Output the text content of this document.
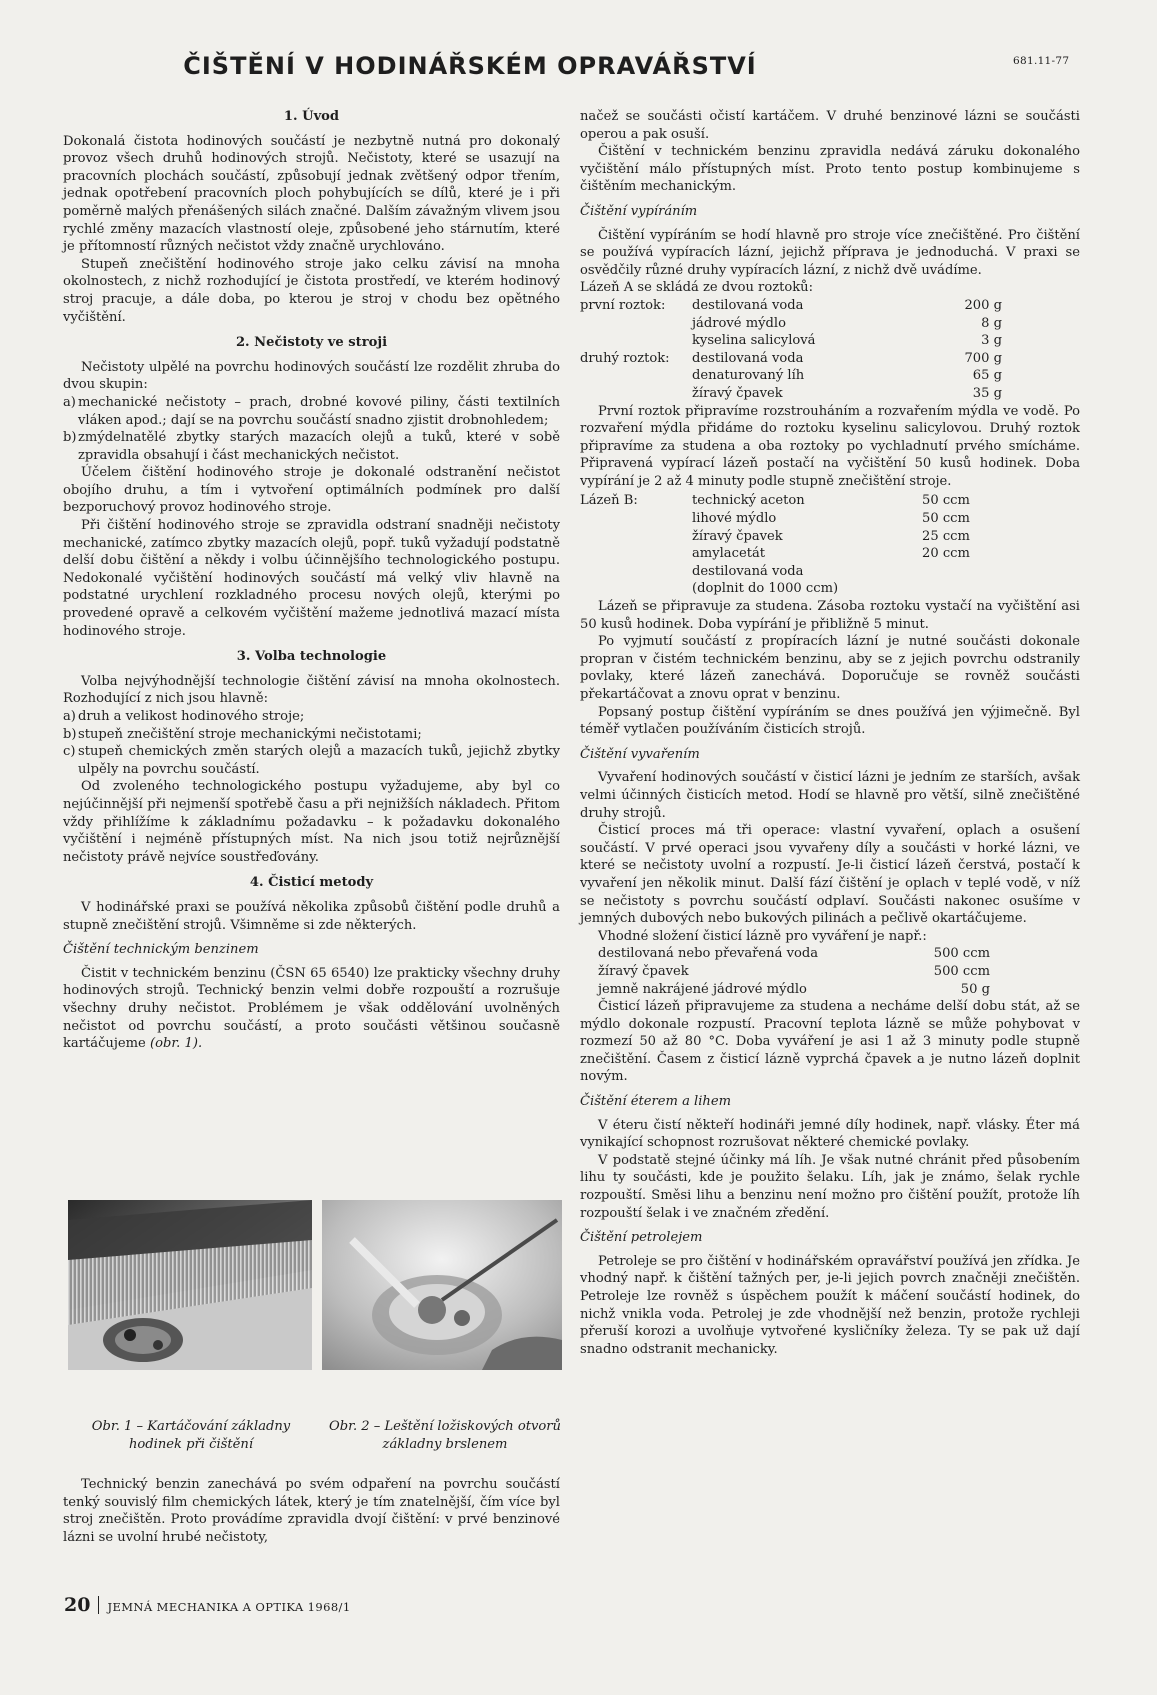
ČIŠTĚNÍ V HODINÁŘSKÉM OPRAVÁŘSTVÍ	681.11-77
1. Úvod

Dokonalá čistota hodinových součástí je nezbytně nutná pro dokonalý provoz všech druhů hodinových strojů. Nečistoty, které se usazují na pracovních plochách součástí, způsobují jednak zvětšený odpor třením, jednak opotřebení pracovních ploch pohybujících se dílů, které je i při poměrně malých přenášených silách značné. Dalším závažným vlivem jsou rychlé změny mazacích vlastností oleje, způsobené jeho stárnutím, které je přítomností různých nečistot vždy značně urychlováno.

Stupeň znečištění hodinového stroje jako celku závisí na mnoha okolnostech, z nichž rozhodující je čistota prostředí, ve kterém hodinový stroj pracuje, a dále doba, po kterou je stroj v chodu bez opětného vyčištění.

2. Nečistoty ve stroji

Nečistoty ulpělé na povrchu hodinových součástí lze rozdělit zhruba do dvou skupin:

a) mechanické nečistoty – prach, drobné kovové piliny, části textilních vláken apod.; dají se na povrchu součástí snadno zjistit drobnohledem;
b) zmýdelnatělé zbytky starých mazacích olejů a tuků, které v sobě zpravidla obsahují i část mechanických nečistot.

Účelem čištění hodinového stroje je dokonalé odstranění nečistot obojího druhu, a tím i vytvoření optimálních podmínek pro další bezporuchový provoz hodinového stroje.

Při čištění hodinového stroje se zpravidla odstraní snadněji nečistoty mechanické, zatímco zbytky mazacích olejů, popř. tuků vyžadují podstatně delší dobu čištění a někdy i volbu účinnějšího technologického postupu. Nedokonalé vyčištění hodinových součástí má velký vliv hlavně na podstatné urychlení rozkladného procesu nových olejů, kterými po provedené opravě a celkovém vyčištění mažeme jednotlivá mazací místa hodinového stroje.

3. Volba technologie

Volba nejvýhodnější technologie čištění závisí na mnoha okolnostech. Rozhodující z nich jsou hlavně:

a) druh a velikost hodinového stroje;
b) stupeň znečištění stroje mechanickými nečistotami;
c) stupeň chemických změn starých olejů a mazacích tuků, jejichž zbytky ulpěly na povrchu součástí.

Od zvoleného technologického postupu vyžadujeme, aby byl co nejúčinnější při nejmenší spotřebě času a při nejnižších nákladech. Přitom vždy přihlížíme k základnímu požadavku – k požadavku dokonalého vyčištění i nejméně přístupných míst. Na nich jsou totiž nejrůznější nečistoty právě nejvíce soustřeďovány.

4. Čisticí metody

V hodinářské praxi se používá několika způsobů čištění podle druhů a stupně znečištění strojů. Všimněme si zde některých.

Čištění technickým benzinem

Čistit v technickém benzinu (ČSN 65 6540) lze prakticky všechny druhy hodinových strojů. Technický benzin velmi dobře rozpouští a rozrušuje všechny druhy nečistot. Problémem je však oddělování uvolněných nečistot od povrchu součástí, a proto součásti většinou současně kartáčujeme (obr. 1).

Obr. 1 – Kartáčování základny hodinek při čištění
Obr. 2 – Leštění ložiskových otvorů základny brslenem

Technický benzin zanechává po svém odpaření na povrchu součástí tenký souvislý film chemických látek, který je tím znatelnější, čím více byl stroj znečištěn. Proto provádíme zpravidla dvojí čištění: v prvé benzinové lázni se uvolní hrubé nečistoty,

načež se součásti očistí kartáčem. V druhé benzinové lázni se součásti operou a pak osuší.

Čištění v technickém benzinu zpravidla nedává záruku dokonalého vyčištění málo přístupných míst. Proto tento postup kombinujeme s čištěním mechanickým.

Čištění vypíráním

Čištění vypíráním se hodí hlavně pro stroje více znečištěné. Pro čištění se používá vypíracích lázní, jejichž příprava je jednoduchá. V praxi se osvědčily různé druhy vypíracích lázní, z nichž dvě uvádíme.

Lázeň A se skládá ze dvou roztoků:

první roztok:	destilovaná voda	200 g
	jádrové mýdlo	8 g
	kyselina salicylová	3 g
druhý roztok:	destilovaná voda	700 g
	denaturovaný líh	65 g
	žíravý čpavek	35 g

První roztok připravíme rozstrouháním a rozvařením mýdla ve vodě. Po rozvaření mýdla přidáme do roztoku kyselinu salicylovou. Druhý roztok připravíme za studena a oba roztoky po vychladnutí prvého smícháme. Připravená vypírací lázeň postačí na vyčištění 50 kusů hodinek. Doba vypírání je 2 až 4 minuty podle stupně znečištění stroje.

Lázeň B:	technický aceton	50 ccm
	lihové mýdlo	50 ccm
	žíravý čpavek	25 ccm
	amylacetát	20 ccm
	destilovaná voda	
	(doplnit do 1000 ccm)	

Lázeň se připravuje za studena. Zásoba roztoku vystačí na vyčištění asi 50 kusů hodinek. Doba vypírání je přibližně 5 minut.

Po vyjmutí součástí z propíracích lázní je nutné součásti dokonale propran v čistém technickém benzinu, aby se z jejich povrchu odstranily povlaky, které lázeň zanechává. Doporučuje se rovněž součásti překartáčovat a znovu oprat v benzinu.

Popsaný postup čištění vypíráním se dnes používá jen výjimečně. Byl téměř vytlačen používáním čisticích strojů.

Čištění vyvařením

Vyvaření hodinových součástí v čisticí lázni je jedním ze starších, avšak velmi účinných čisticích metod. Hodí se hlavně pro větší, silně znečištěné druhy strojů.

Čisticí proces má tři operace: vlastní vyvaření, oplach a osušení součástí. V prvé operaci jsou vyvařeny díly a součásti v horké lázni, ve které se nečistoty uvolní a rozpustí. Je-li čisticí lázeň čerstvá, postačí k vyvaření jen několik minut. Další fází čištění je oplach v teplé vodě, v níž se nečistoty s povrchu součástí odplaví. Součásti nakonec osušíme v jemných dubových nebo bukových pilinách a pečlivě okartáčujeme.

Vhodné složení čisticí lázně pro vyváření je např.:

destilovaná nebo převařená voda	500 ccm
žíravý čpavek	500 ccm
jemně nakrájené jádrové mýdlo	50 g

Čisticí lázeň připravujeme za studena a necháme delší dobu stát, až se mýdlo dokonale rozpustí. Pracovní teplota lázně se může pohybovat v rozmezí 50 až 80 °C. Doba vyváření je asi 1 až 3 minuty podle stupně znečištění. Časem z čisticí lázně vyprchá čpavek a je nutno lázeň doplnit novým.

Čištění éterem a lihem

V éteru čistí někteří hodináři jemné díly hodinek, např. vlásky. Éter má vynikající schopnost rozrušovat některé chemické povlaky.

V podstatě stejné účinky má líh. Je však nutné chránit před působením lihu ty součásti, kde je použito šelaku. Líh, jak je známo, šelak rychle rozpouští. Směsi lihu a benzinu není možno pro čištění použít, protože líh rozpouští šelak i ve značném zředění.

Čištění petrolejem

Petroleje se pro čištění v hodinářském opravářství používá jen zřídka. Je vhodný např. k čištění tažných per, je-li jejich povrch značněji znečištěn. Petroleje lze rovněž s úspěchem použít k máčení součástí hodinek, do nichž vnikla voda. Petrolej je zde vhodnější než benzin, protože rychleji přeruší korozi a uvolňuje vytvořené kysličníky železa. Ty se pak už dají snadno odstranit mechanicky.

20 JEMNÁ MECHANIKA A OPTIKA 1968/1
